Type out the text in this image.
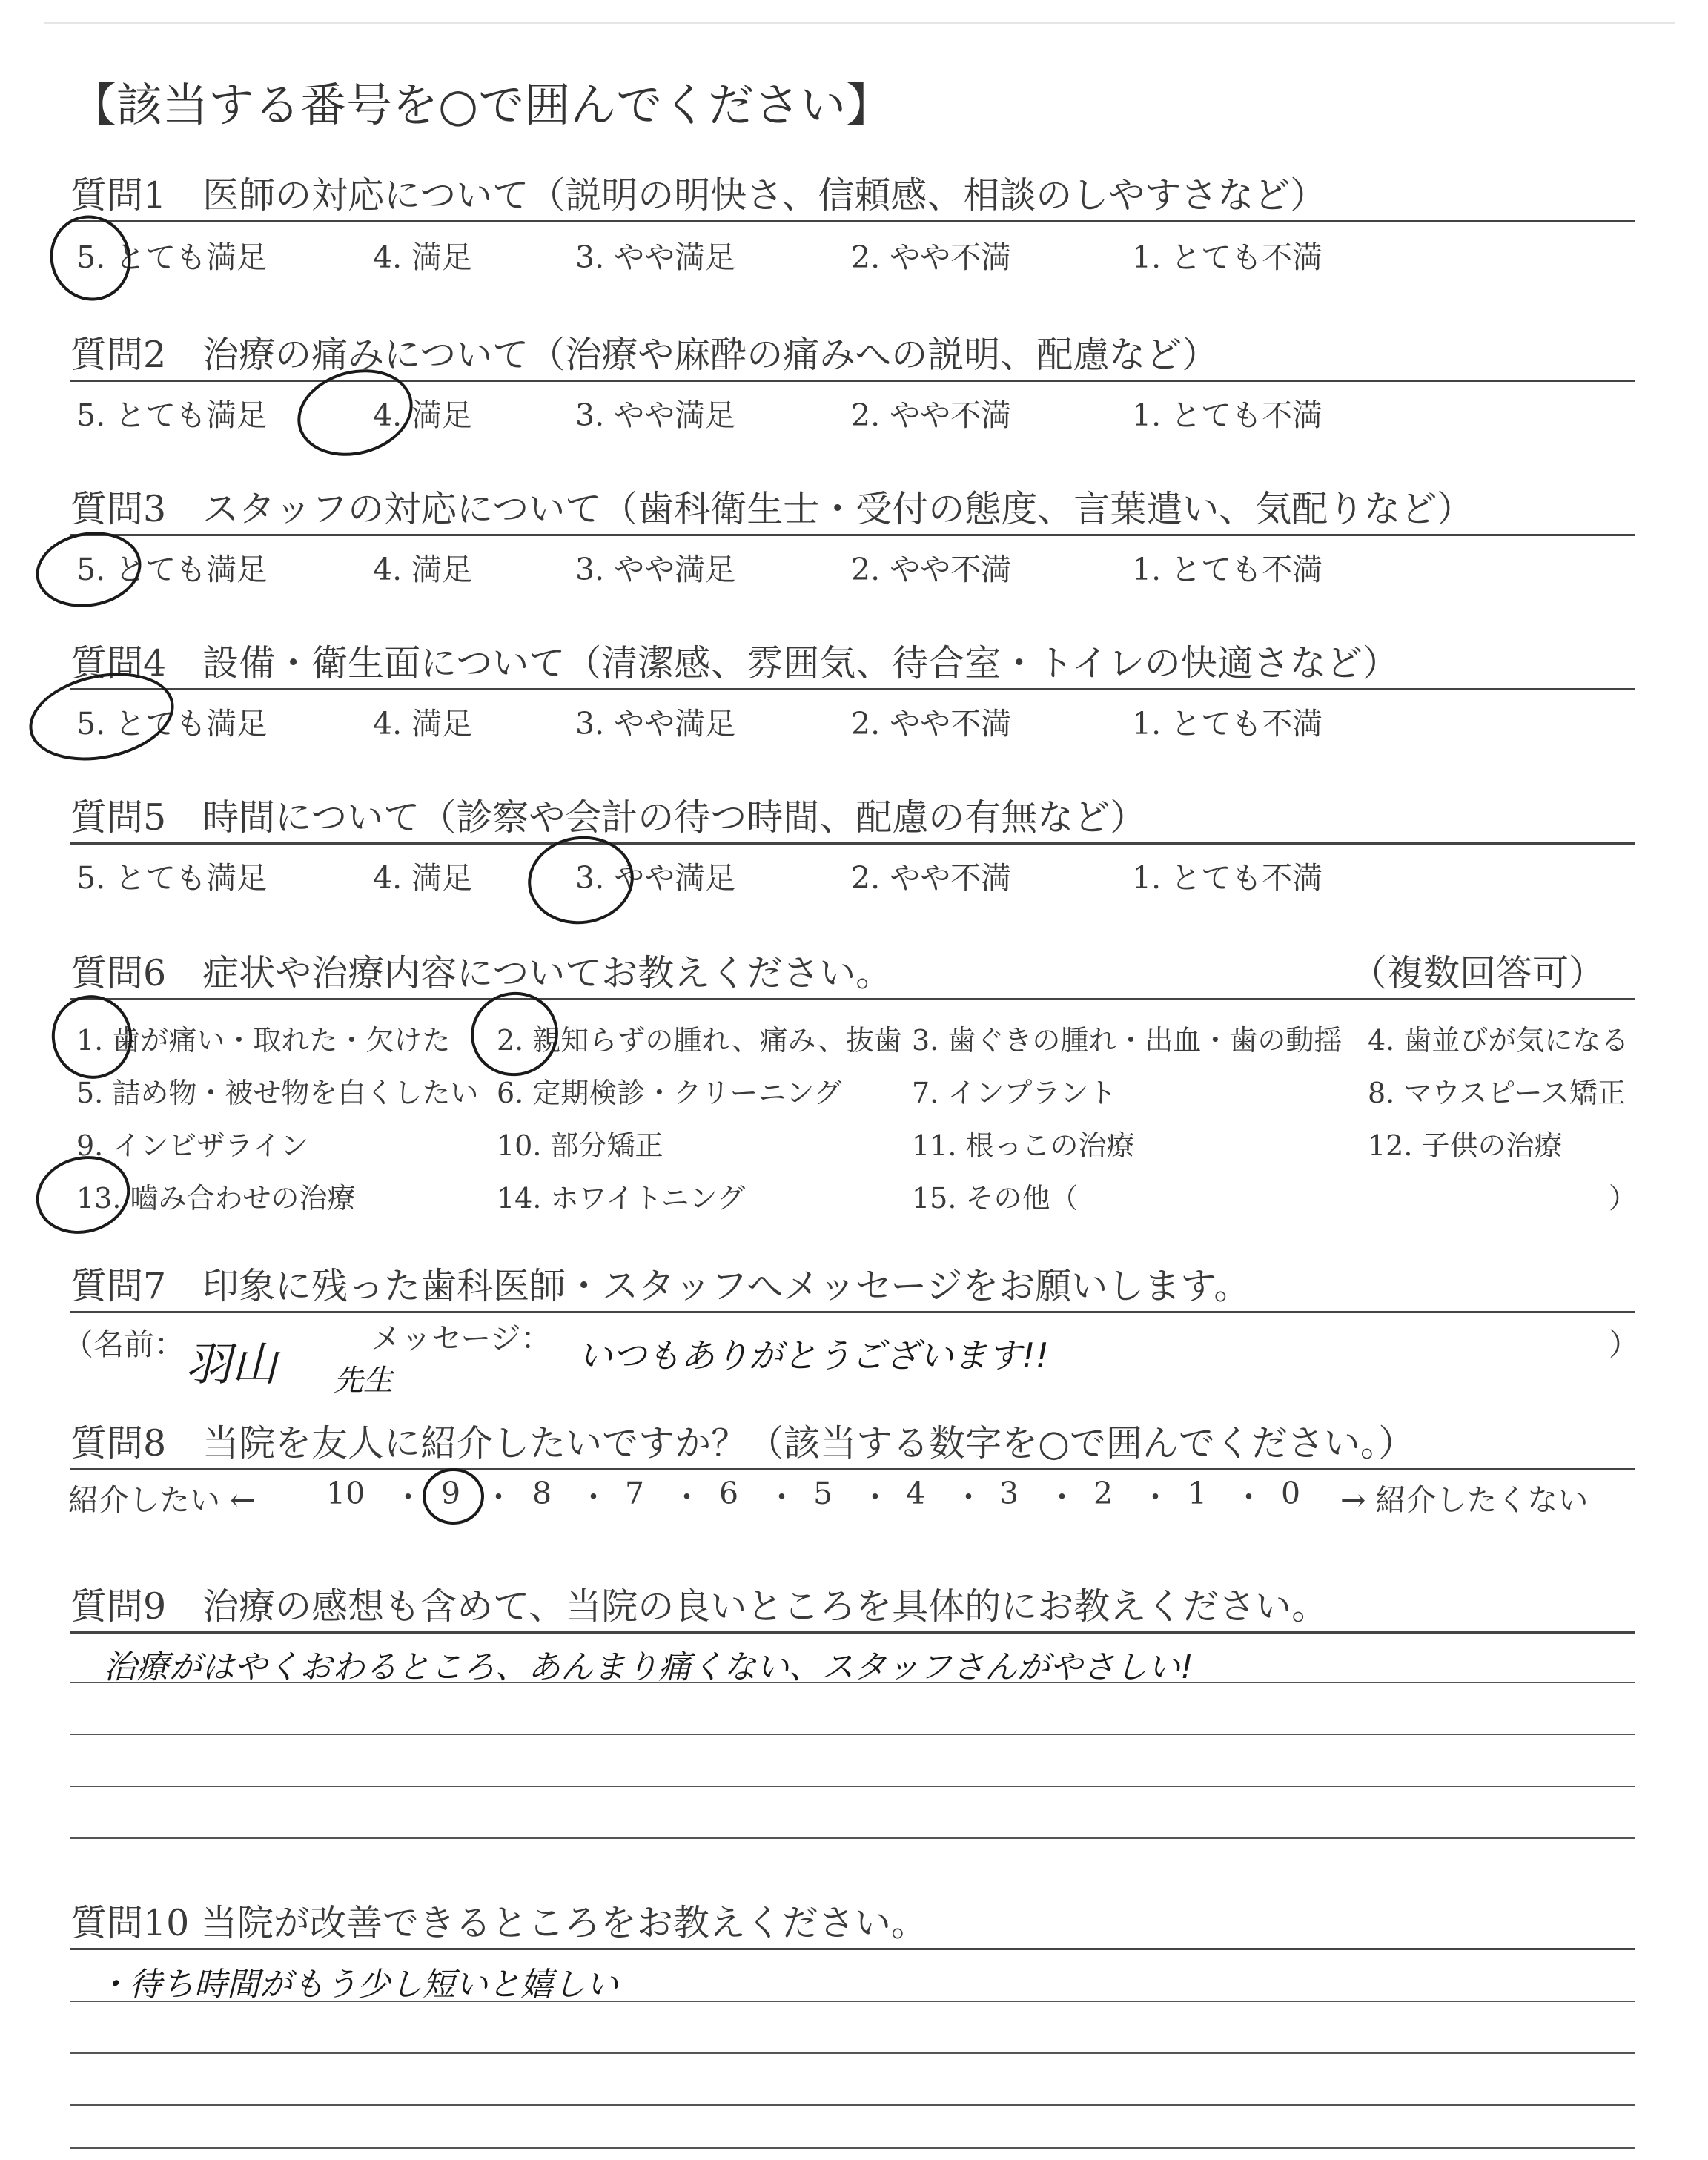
【該当する番号を○で囲んでください】
質問1　医師の対応について（説明の明快さ、信頼感、相談のしやすさなど）
5. とても満足	4. 満足	3. やや満足	2. やや不満	1. とても不満
質問2　治療の痛みについて（治療や麻酔の痛みへの説明、配慮など）
5. とても満足	4. 満足	3. やや満足	2. やや不満	1. とても不満
質問3　スタッフの対応について（歯科衛生士・受付の態度、言葉遣い、気配りなど）
5. とても満足	4. 満足	3. やや満足	2. やや不満	1. とても不満
質問4　設備・衛生面について（清潔感、雰囲気、待合室・トイレの快適さなど）
5. とても満足	4. 満足	3. やや満足	2. やや不満	1. とても不満
質問5　時間について（診察や会計の待つ時間、配慮の有無など）
5. とても満足	4. 満足	3. やや満足	2. やや不満	1. とても不満
質問6　症状や治療内容についてお教えください。	（複数回答可）
1. 歯が痛い・取れた・欠けた 2. 親知らずの腫れ、痛み、抜歯 3. 歯ぐきの腫れ・出血・歯の動揺 4. 歯並びが気になる
5. 詰め物・被せ物を白くしたい 6. 定期検診・クリーニング 7. インプラント	8. マウスピース矯正
9. インビザライン	10. 部分矯正	11. 根っこの治療	12. 子供の治療
13. 嚙み合わせの治療	14. ホワイトニング	15. その他（	）
質問7　印象に残った歯科医師・スタッフへメッセージをお願いします。
（名前： 羽山 先生
メッセージ： いつもありがとうございます!!	）
質問8　当院を友人に紹介したいですか？（該当する数字を○で囲んでください。）
紹介したい ← 10 ・ 9 ・ 8 ・ 7 ・ 6 ・ 5 ・ 4 ・ 3 ・ 2 ・ 1 ・ 0 → 紹介したくない
質問9　治療の感想も含めて、当院の良いところを具体的にお教えください。
治療がはやくおわるところ、あんまり痛くない、スタッフさんがやさしい!
質問10 当院が改善できるところをお教えください。
・待ち時間がもう少し短いと嬉しい
